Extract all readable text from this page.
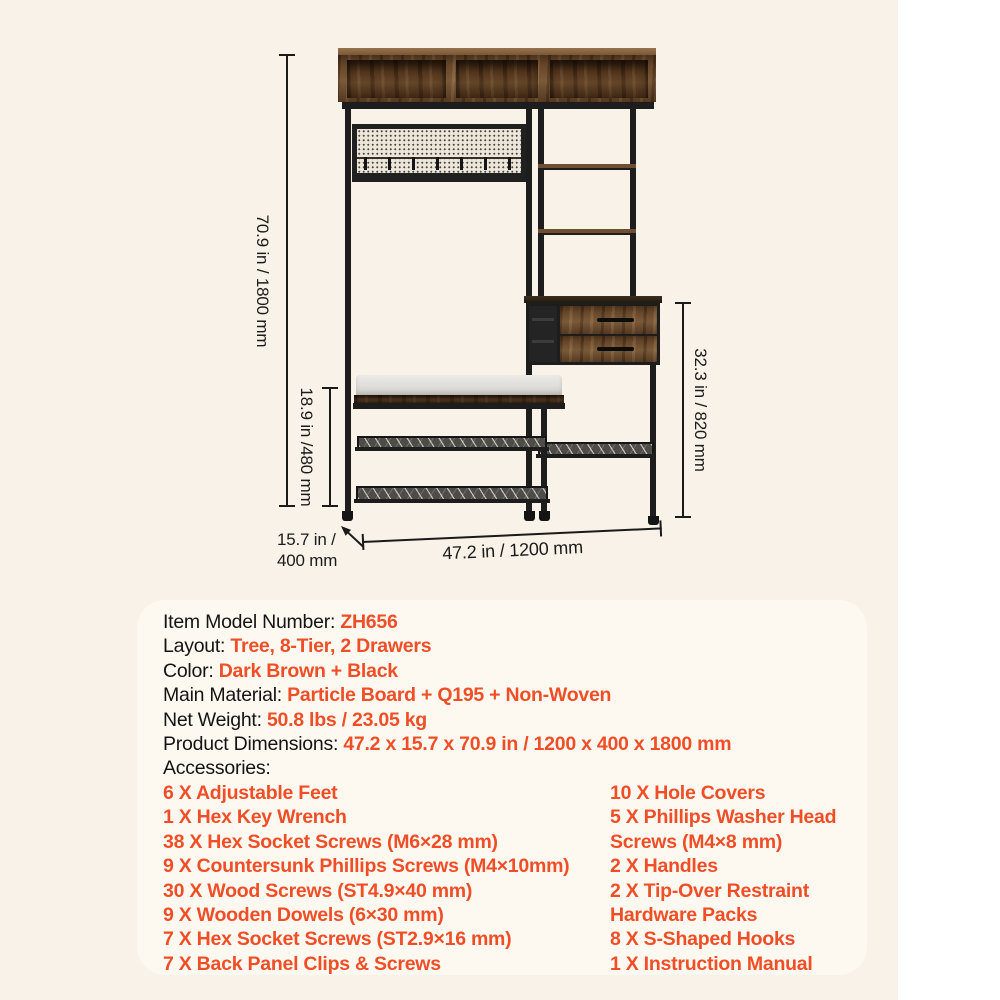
70.9 in / 1800 mm
18.9 in /480 mm	32.3 in / 820 mm
47.2 in / 1200 mm
15.7 in /
400 mm
Item Model Number: ZH656
Layout: Tree, 8-Tier, 2 Drawers
Color: Dark Brown + Black
Main Material: Particle Board + Q195 + Non-Woven
Net Weight: 50.8 lbs / 23.05 kg
Product Dimensions: 47.2 x 15.7 x 70.9 in / 1200 x 400 x 1800 mm
Accessories:
6 X Adjustable Feet
1 X Hex Key Wrench
38 X Hex Socket Screws (M6×28 mm)
9 X Countersunk Phillips Screws (M4×10mm)
30 X Wood Screws (ST4.9×40 mm)
9 X Wooden Dowels (6×30 mm)
7 X Hex Socket Screws (ST2.9×16 mm)
7 X Back Panel Clips & Screws
10 X Hole Covers
5 X Phillips Washer Head Screws (M4×8 mm)
2 X Handles
2 X Tip-Over Restraint Hardware Packs
8 X S-Shaped Hooks
1 X Instruction Manual
